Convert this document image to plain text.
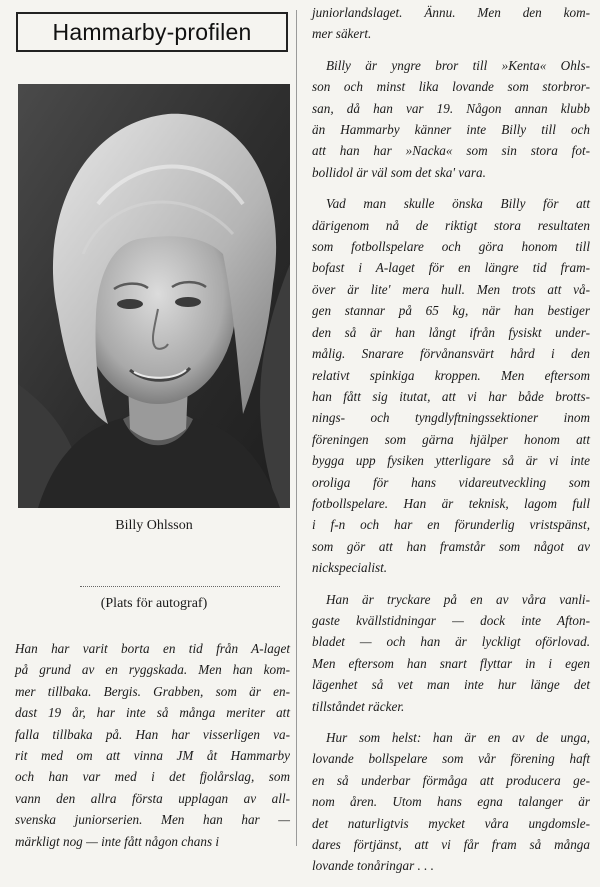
Hammarby-profilen
Billy Ohlsson
(Plats för autograf)

Han har varit borta en tid från A-laget
på grund av en ryggskada. Men han kom-
mer tillbaka. Bergis. Grabben, som är en-
dast 19 år, har inte så många meriter att
falla tillbaka på. Han har visserligen va-
rit med om att vinna JM åt Hammarby
och han var med i det fjolårslag, som
vann den allra första upplagan av all-
svenska juniorserien. Men han har —
märkligt nog — inte fått någon chans i

juniorlandslaget. Ännu. Men den kom-
mer säkert.

Billy är yngre bror till »Kenta« Ohls-
son och minst lika lovande som storbror-
san, då han var 19. Någon annan klubb
än Hammarby känner inte Billy till och
att han har »Nacka« som sin stora fot-
bollidol är väl som det ska' vara.

Vad man skulle önska Billy för att
därigenom nå de riktigt stora resultaten
som fotbollspelare och göra honom till
bofast i A-laget för en längre tid fram-
över är lite' mera hull. Men trots att vå-
gen stannar på 65 kg, när han bestiger
den så är han långt ifrån fysiskt under-
målig. Snarare förvånansvärt hård i den
relativt spinkiga kroppen. Men eftersom
han fått sig itutat, att vi har både brotts-
nings- och tyngdlyftningssektioner inom
föreningen som gärna hjälper honom att
bygga upp fysiken ytterligare så är vi inte
oroliga för hans vidareutveckling som
fotbollspelare. Han är teknisk, lagom full
i f-n och har en förunderlig vristspänst,
som gör att han framstår som något av
nickspecialist.

Han är tryckare på en av våra vanli-
gaste kvällstidningar — dock inte Afton-
bladet — och han är lyckligt oförlovad.
Men eftersom han snart flyttar in i egen
lägenhet så vet man inte hur länge det
tillståndet räcker.

Hur som helst: han är en av de unga,
lovande bollspelare som vår förening haft
en så underbar förmåga att producera ge-
nom åren. Utom hans egna talanger är
det naturligtvis mycket våra ungdomsle-
dares förtjänst, att vi får fram så många
lovande tonåringar . . .
